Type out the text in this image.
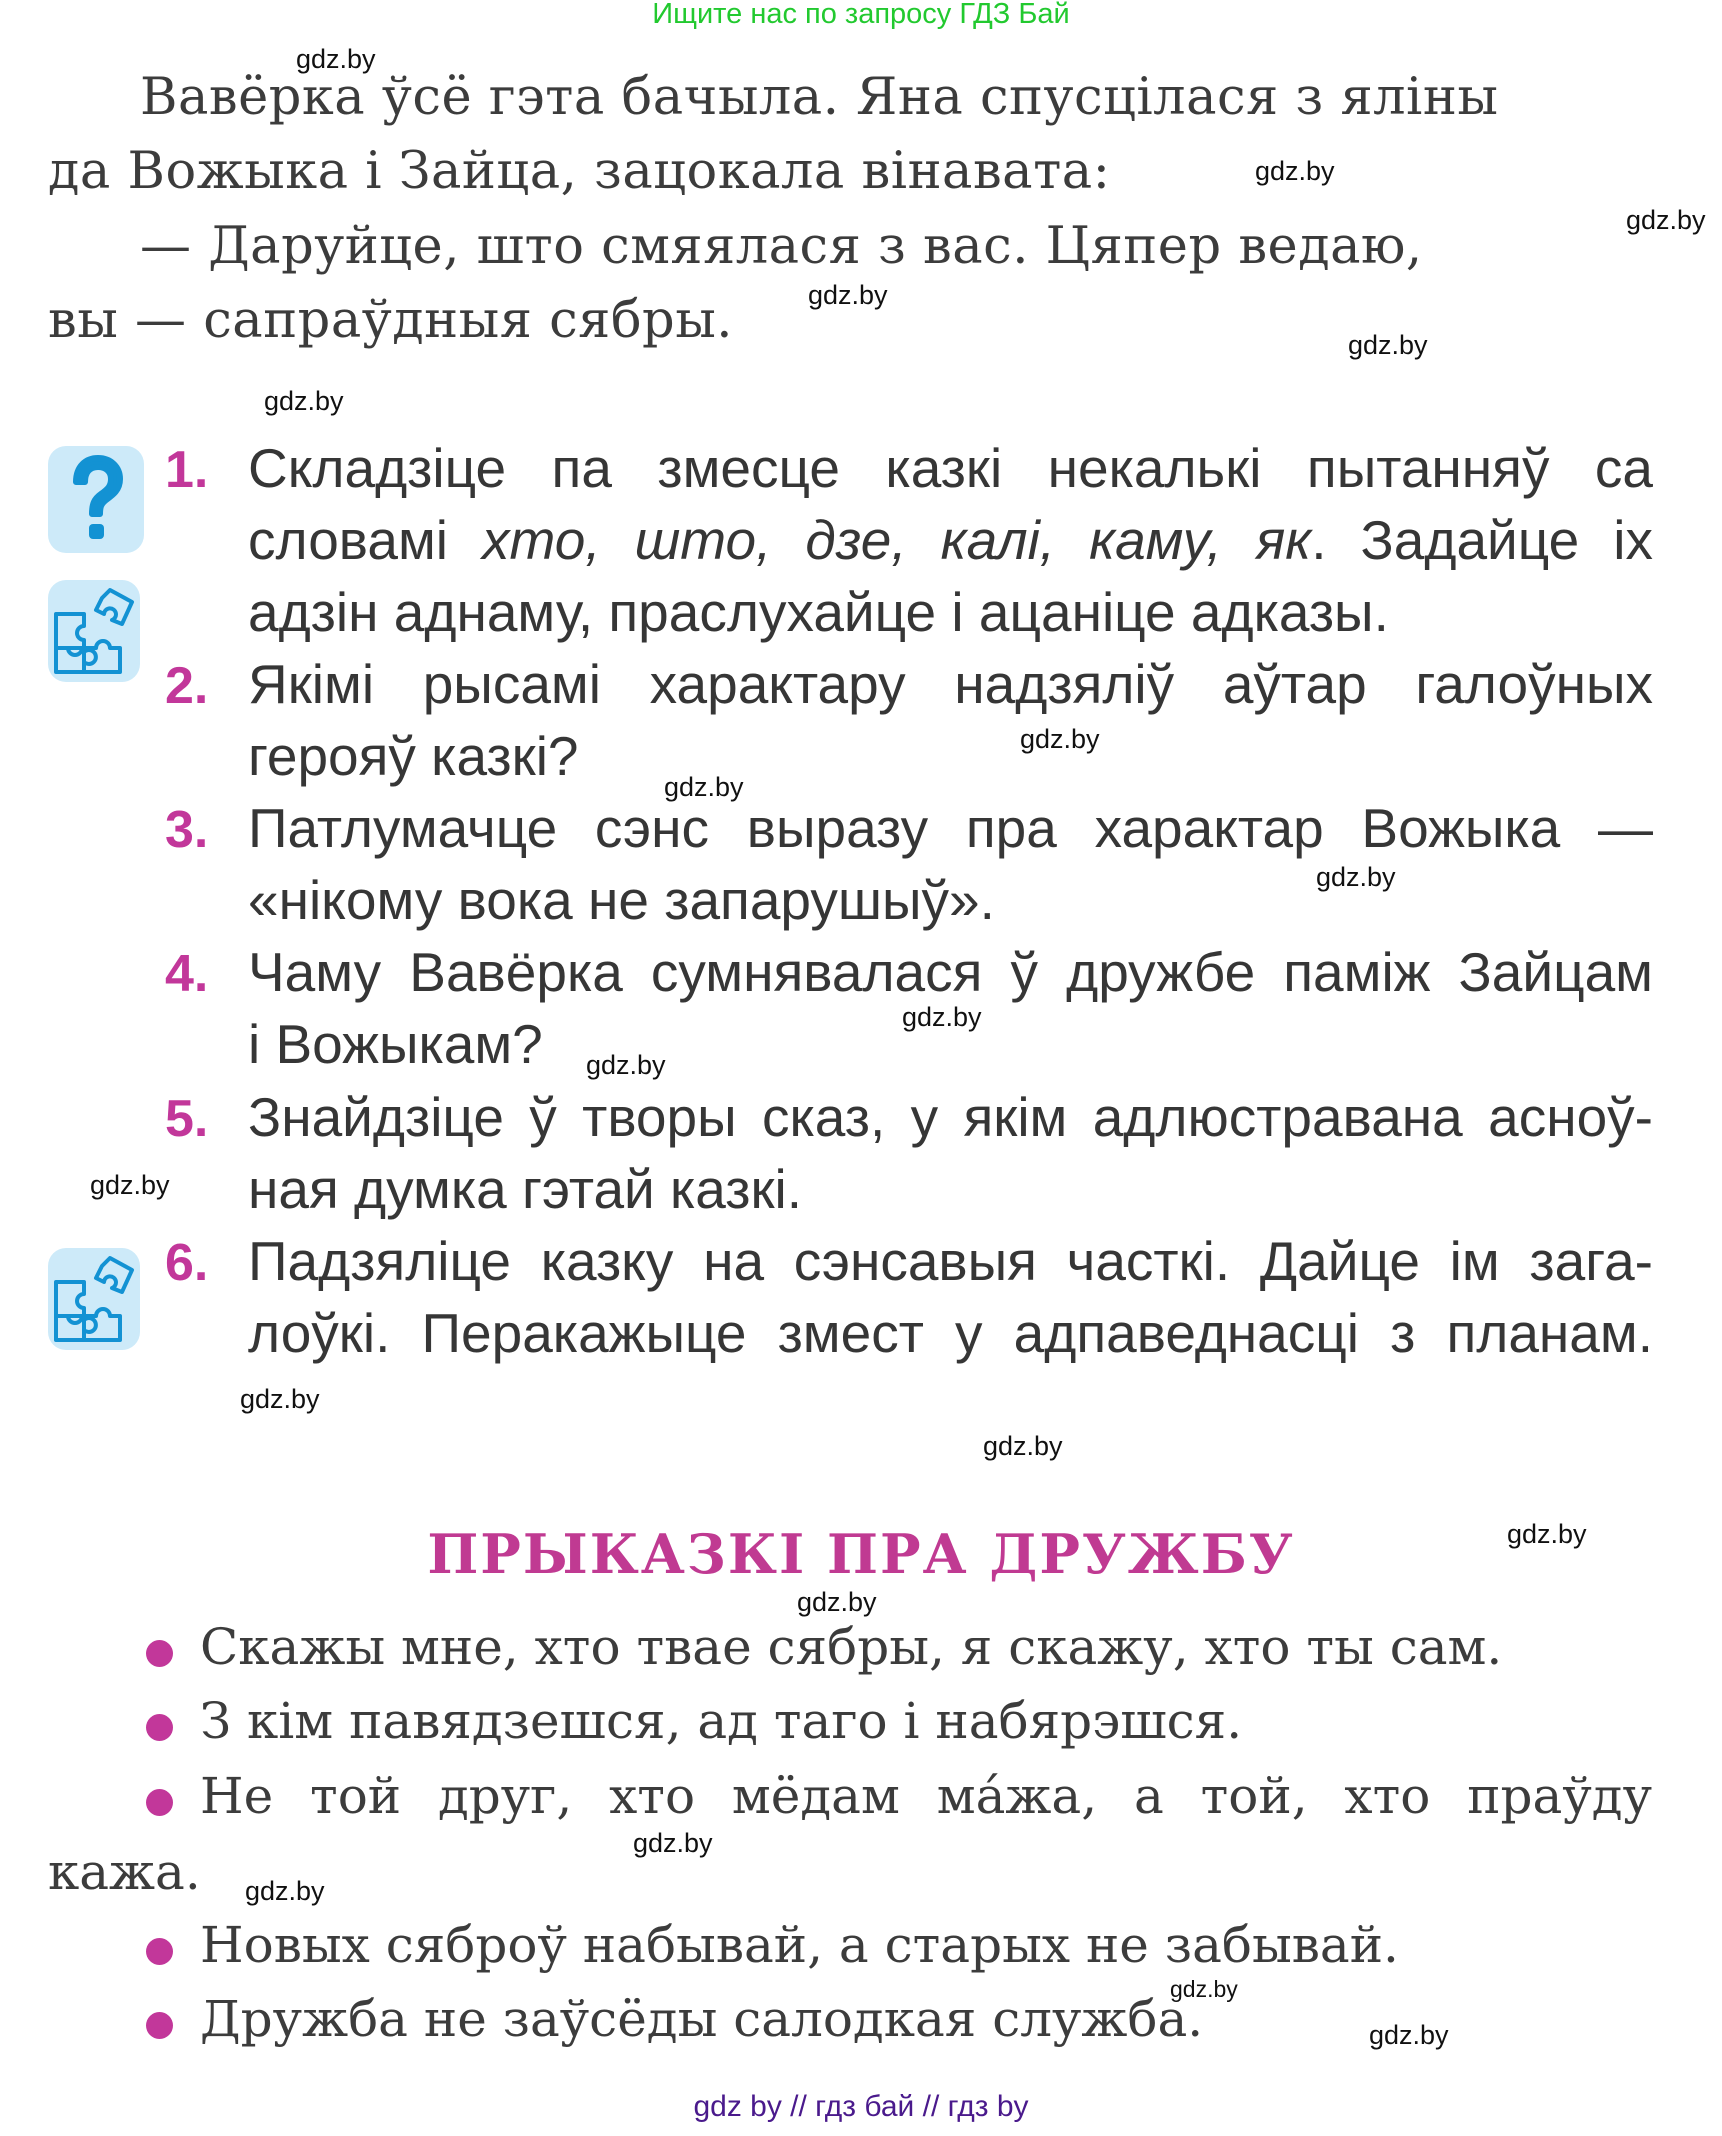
Ищите нас по запросу ГДЗ Бай
Вавёрка ўсё гэта бачыла. Яна спусцілася з яліны
да Вожыка і Зайца, зацокала вінавата:
— Даруйце, што смяялася з вас. Цяпер ведаю,
вы — сапраўдныя сябры.
1. Складзіце па змесце казкі некалькі пытанняў са
словамі хто, што, дзе, калі, каму, як. Задайце іх
адзін аднаму, праслухайце і ацаніце адказы.
2. Якімі рысамі характару надзяліў аўтар галоўных
герояў казкі?
3. Патлумачце сэнс выразу пра характар Вожыка —
«нікому вока не запарушыў».
4. Чаму Вавёрка сумнявалася ў дружбе паміж Зайцам
і Вожыкам?
5. Знайдзіце ў творы сказ, у якім адлюстравана асноў-
ная думка гэтай казкі.
6. Падзяліце казку на сэнсавыя часткі. Дайце ім зага-
лоўкі. Перакажыце змест у адпаведнасці з планам.
ПРЫКАЗКІ ПРА ДРУЖБУ
Скажы мне, хто твае сябры, я скажу, хто ты сам.
З кім павядзешся, ад таго і набярэшся.
Не той друг, хто мёдам ма́жа, а той, хто праўду
кажа.
Новых сяброў набывай, а старых не забывай.
Дружба не заўсёды салодкая служба.
gdz.by
gdz.by
gdz.by
gdz.by
gdz.by
gdz.by
gdz.by
gdz.by
gdz.by
gdz.by
gdz.by
gdz.by
gdz.by
gdz.by
gdz.by
gdz.by
gdz.by
gdz.by
gdz.by
gdz.by
gdz by // гдз бай // гдз by
